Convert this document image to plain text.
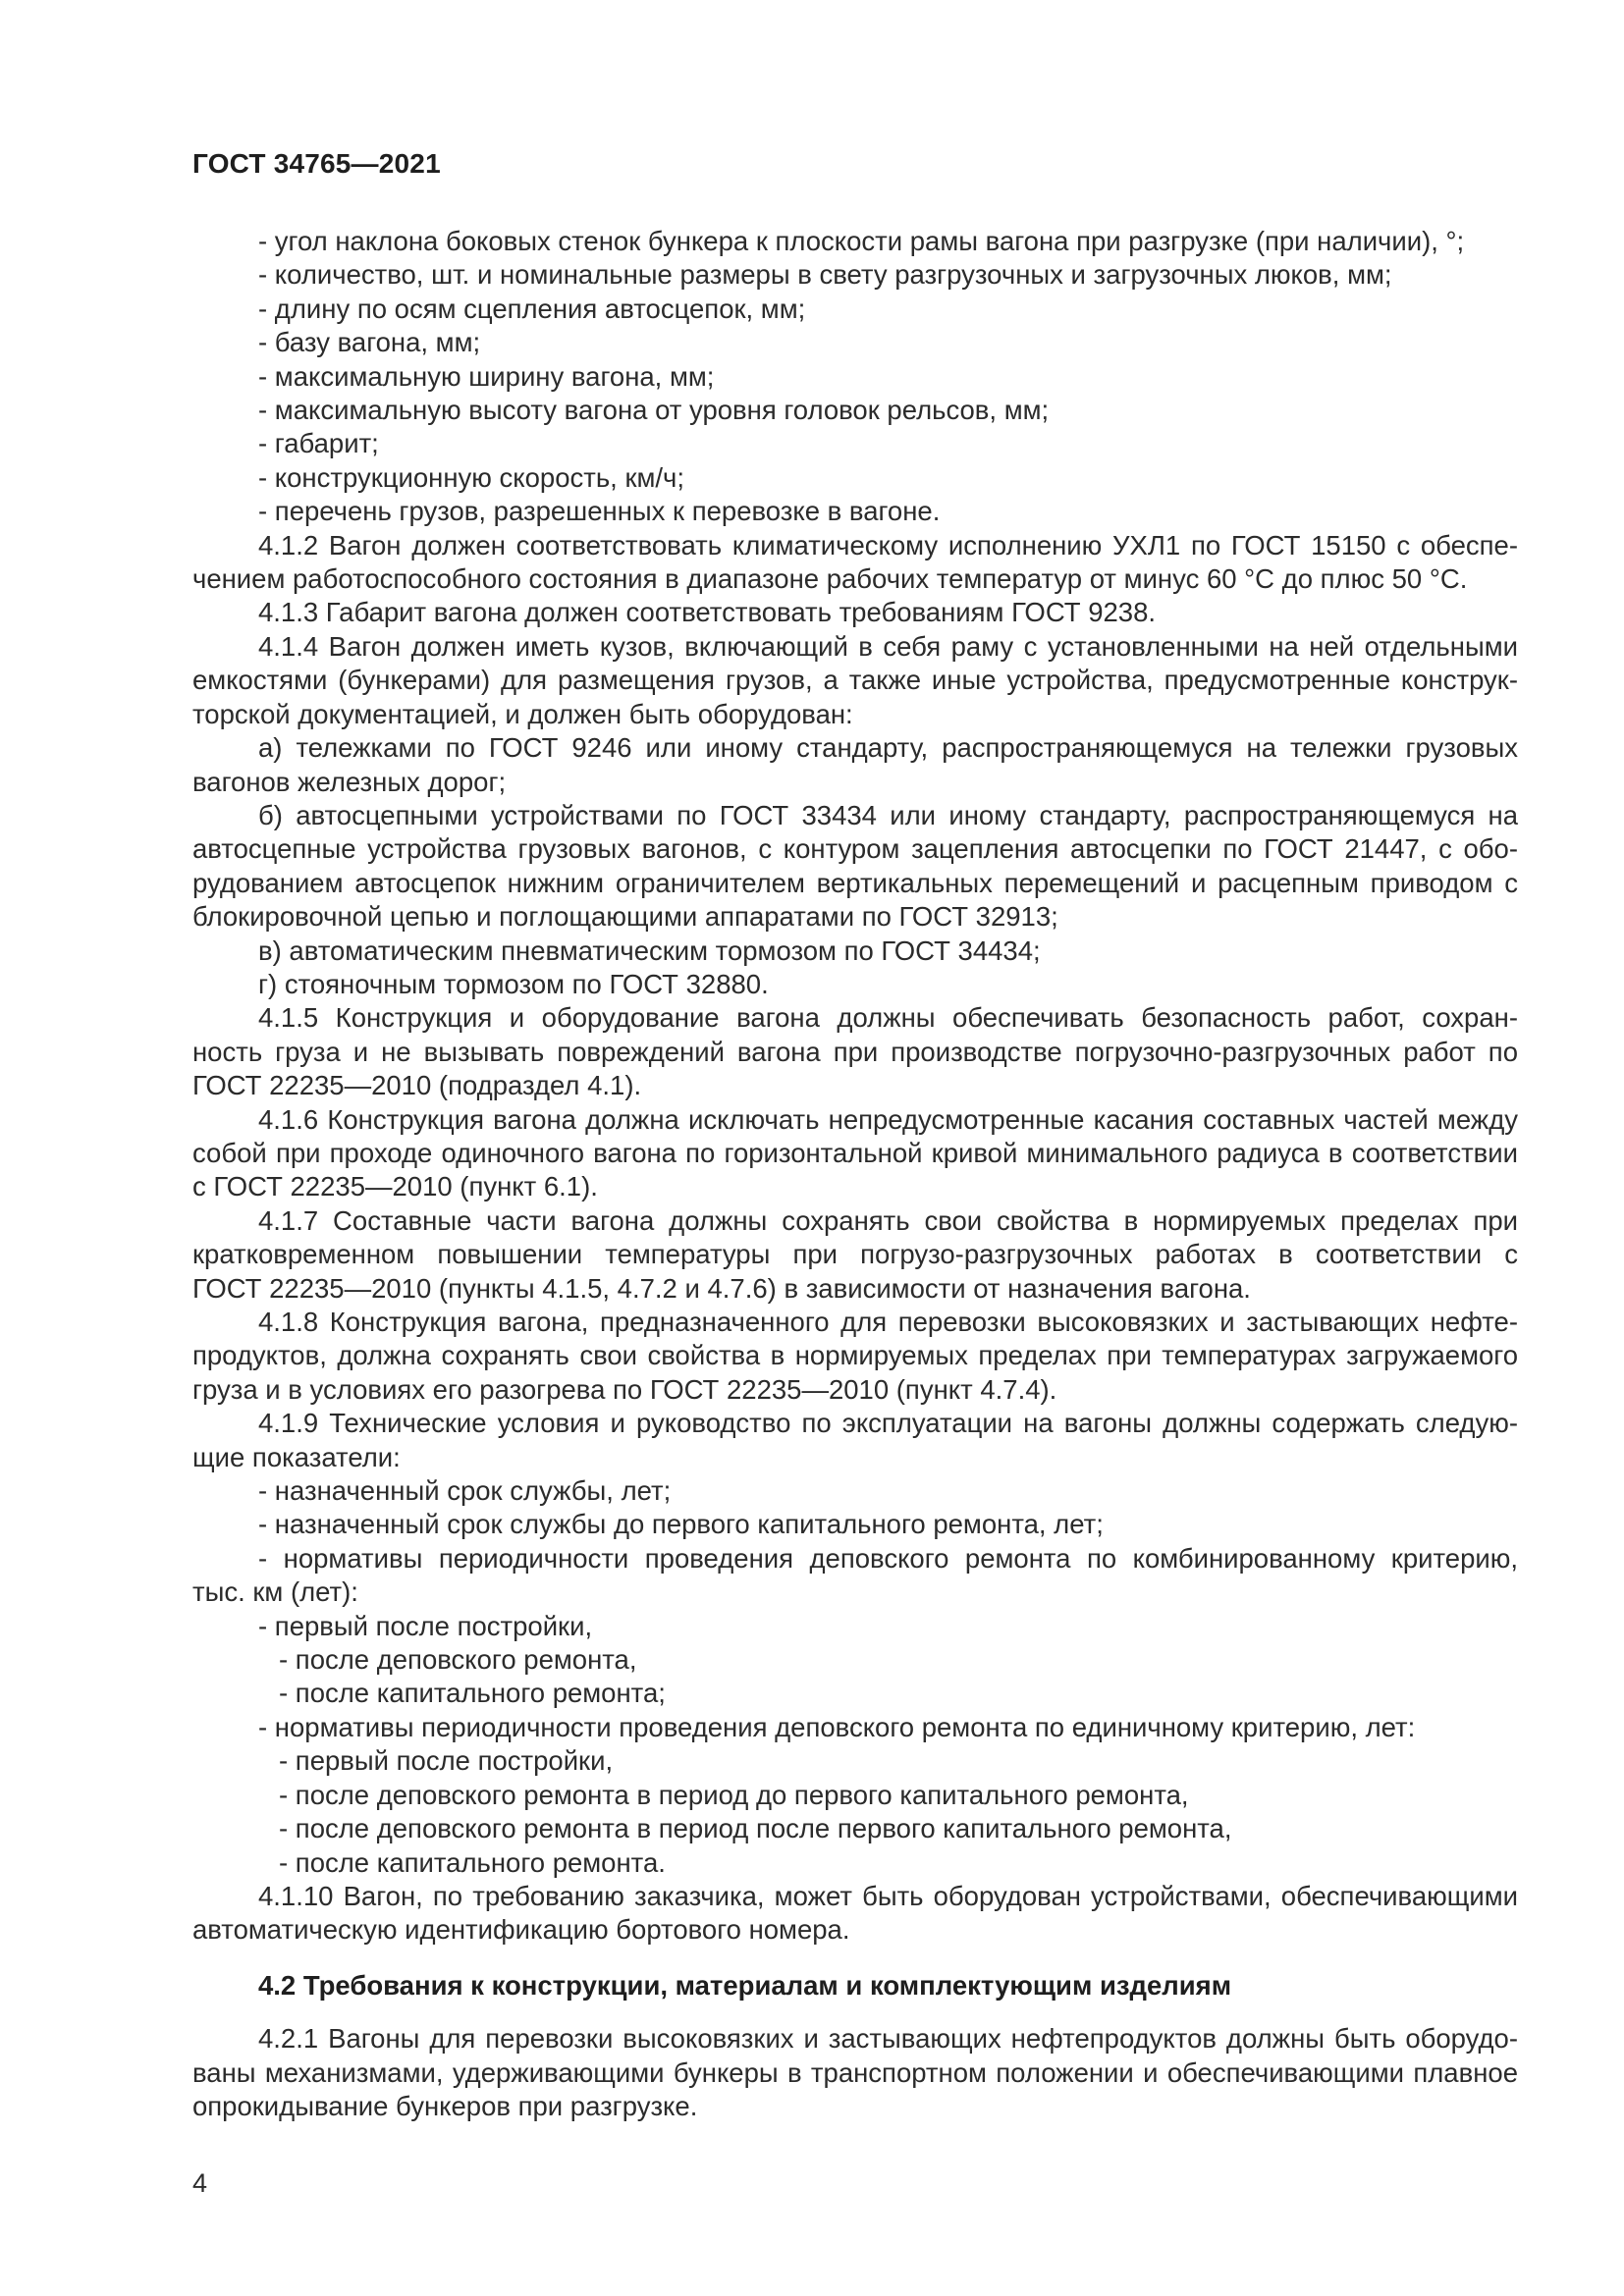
ГОСТ 34765—2021

- угол наклона боковых стенок бункера к плоскости рамы вагона при разгрузке (при наличии), °;

- количество, шт. и номинальные размеры в свету разгрузочных и загрузочных люков, мм;

- длину по осям сцепления автосцепок, мм;

- базу вагона, мм;

- максимальную ширину вагона, мм;

- максимальную высоту вагона от уровня головок рельсов, мм;

- габарит;

- конструкционную скорость, км/ч;

- перечень грузов, разрешенных к перевозке в вагоне.

4.1.2 Вагон должен соответствовать климатическому исполнению УХЛ1 по ГОСТ 15150 с обеспе-

чением работоспособного состояния в диапазоне рабочих температур от минус 60 °С до плюс 50 °С.

4.1.3 Габарит вагона должен соответствовать требованиям ГОСТ 9238.

4.1.4 Вагон должен иметь кузов, включающий в себя раму с установленными на ней отдельными

емкостями (бункерами) для размещения грузов, а также иные устройства, предусмотренные конструк-

торской документацией, и должен быть оборудован:

а) тележками по ГОСТ 9246 или иному стандарту, распространяющемуся на тележки грузовых

вагонов железных дорог;

б) автосцепными устройствами по ГОСТ 33434 или иному стандарту, распространяющемуся на

автосцепные устройства грузовых вагонов, с контуром зацепления автосцепки по ГОСТ 21447, с обо-

рудованием автосцепок нижним ограничителем вертикальных перемещений и расцепным приводом с

блокировочной цепью и поглощающими аппаратами по ГОСТ 32913;

в) автоматическим пневматическим тормозом по ГОСТ 34434;

г) стояночным тормозом по ГОСТ 32880.

4.1.5 Конструкция и оборудование вагона должны обеспечивать безопасность работ, сохран-

ность груза и не вызывать повреждений вагона при производстве погрузочно-разгрузочных работ по

ГОСТ 22235—2010 (подраздел 4.1).

4.1.6 Конструкция вагона должна исключать непредусмотренные касания составных частей между

собой при проходе одиночного вагона по горизонтальной кривой минимального радиуса в соответствии

с ГОСТ 22235—2010 (пункт 6.1).

4.1.7 Составные части вагона должны сохранять свои свойства в нормируемых пределах при

кратковременном повышении температуры при погрузо-разгрузочных работах в соответствии с

ГОСТ 22235—2010 (пункты 4.1.5, 4.7.2 и 4.7.6) в зависимости от назначения вагона.

4.1.8 Конструкция вагона, предназначенного для перевозки высоковязких и застывающих нефте-

продуктов, должна сохранять свои свойства в нормируемых пределах при температурах загружаемого

груза и в условиях его разогрева по ГОСТ 22235—2010 (пункт 4.7.4).

4.1.9 Технические условия и руководство по эксплуатации на вагоны должны содержать следую-

щие показатели:

- назначенный срок службы, лет;

- назначенный срок службы до первого капитального ремонта, лет;

- нормативы периодичности проведения деповского ремонта по комбинированному критерию,

тыс. км (лет):

- первый после постройки,

- после деповского ремонта,

- после капитального ремонта;

- нормативы периодичности проведения деповского ремонта по единичному критерию, лет:

- первый после постройки,

- после деповского ремонта в период до первого капитального ремонта,

- после деповского ремонта в период после первого капитального ремонта,

- после капитального ремонта.

4.1.10 Вагон, по требованию заказчика, может быть оборудован устройствами, обеспечивающими

автоматическую идентификацию бортового номера.

4.2 Требования к конструкции, материалам и комплектующим изделиям

4.2.1 Вагоны для перевозки высоковязких и застывающих нефтепродуктов должны быть оборудо-

ваны механизмами, удерживающими бункеры в транспортном положении и обеспечивающими плавное

опрокидывание бункеров при разгрузке.

4
